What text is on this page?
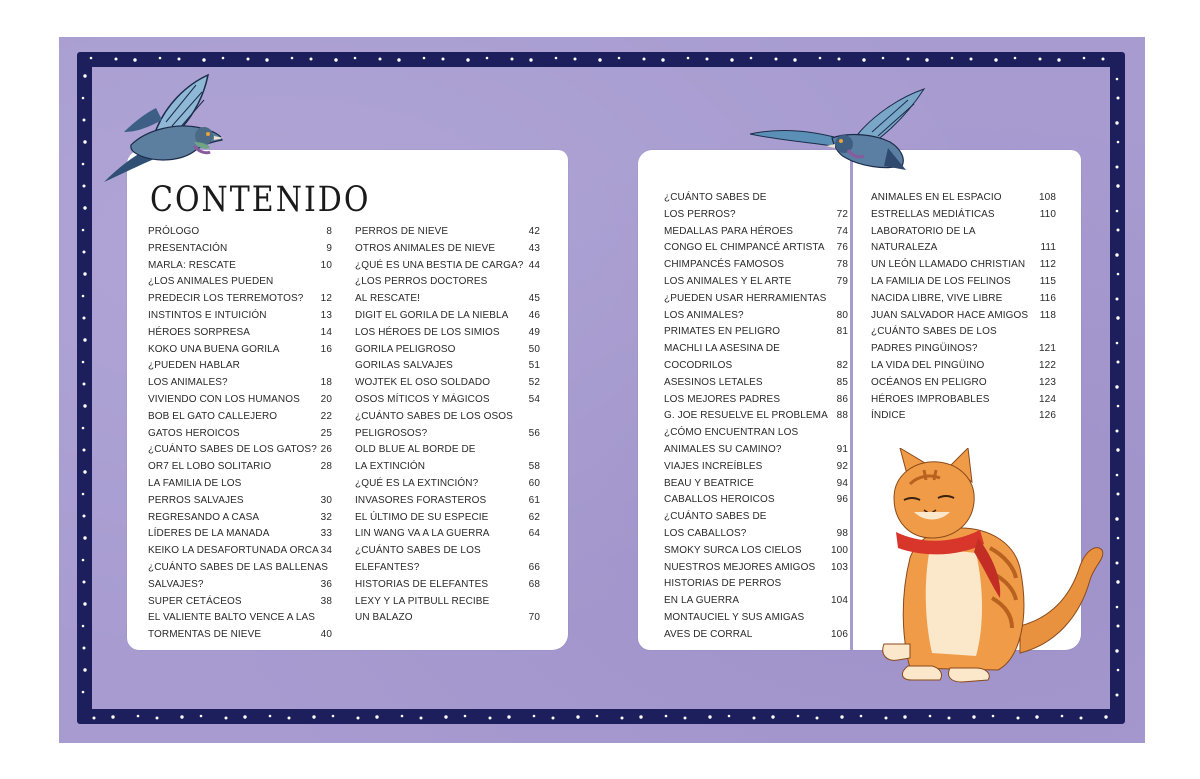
CONTENIDO
PRÓLOGO	8
PRESENTACIÓN	9
MARLA: RESCATE	10
¿LOS ANIMALES PUEDEN
PREDECIR LOS TERREMOTOS? 12
INSTINTOS E INTUICIÓN	13
HÉROES SORPRESA	14
KOKO UNA BUENA GORILA	16
¿PUEDEN HABLAR
LOS ANIMALES?	18
VIVIENDO CON LOS HUMANOS 20
BOB EL GATO CALLEJERO	22
GATOS HEROICOS	25
¿CUÁNTO SABES DE LOS GATOS? 26
OR7 EL LOBO SOLITARIO	28
LA FAMILIA DE LOS
PERROS SALVAJES	30
REGRESANDO A CASA	32
LÍDERES DE LA MANADA	33
KEIKO LA DESAFORTUNADA ORCA 34
¿CUÁNTO SABES DE LAS BALLENAS
SALVAJES?	36
SUPER CETÁCEOS	38
EL VALIENTE BALTO VENCE A LAS
TORMENTAS DE NIEVE	40
PERROS DE NIEVE	42
OTROS ANIMALES DE NIEVE	43
¿QUÉ ES UNA BESTIA DE CARGA? 44
¿LOS PERROS DOCTORES
AL RESCATE!	45
DIGIT EL GORILA DE LA NIEBLA 46
LOS HÉROES DE LOS SIMIOS	49
GORILA PELIGROSO	50
GORILAS SALVAJES	51
WOJTEK EL OSO SOLDADO	52
OSOS MÍTICOS Y MÁGICOS	54
¿CUÁNTO SABES DE LOS OSOS
PELIGROSOS?	56
OLD BLUE AL BORDE DE
LA EXTINCIÓN	58
¿QUÉ ES LA EXTINCIÓN?	60
INVASORES FORASTEROS	61
EL ÚLTIMO DE SU ESPECIE	62
LIN WANG VA A LA GUERRA	64
¿CUÁNTO SABES DE LOS
ELEFANTES?	66
HISTORIAS DE ELEFANTES	68
LEXY Y LA PITBULL RECIBE
UN BALAZO	70
¿CUÁNTO SABES DE
LOS PERROS?	72
MEDALLAS PARA HÉROES	74
CONGO EL CHIMPANCÉ ARTISTA 76
CHIMPANCÉS FAMOSOS	78
LOS ANIMALES Y EL ARTE	79
¿PUEDEN USAR HERRAMIENTAS
LOS ANIMALES?	80
PRIMATES EN PELIGRO	81
MACHLI LA ASESINA DE
COCODRILOS	82
ASESINOS LETALES	85
LOS MEJORES PADRES	86
G. JOE RESUELVE EL PROBLEMA 88
¿CÓMO ENCUENTRAN LOS
ANIMALES SU CAMINO?	91
VIAJES INCREÍBLES	92
BEAU Y BEATRICE	94
CABALLOS HEROICOS	96
¿CUÁNTO SABES DE
LOS CABALLOS?	98
SMOKY SURCA LOS CIELOS	100
NUESTROS MEJORES AMIGOS 103
HISTORIAS DE PERROS
EN LA GUERRA	104
MONTAUCIEL Y SUS AMIGAS
AVES DE CORRAL	106
ANIMALES EN EL ESPACIO	108
ESTRELLAS MEDIÁTICAS	110
LABORATORIO DE LA
NATURALEZA	111
UN LEÓN LLAMADO CHRISTIAN 112
LA FAMILIA DE LOS FELINOS	115
NACIDA LIBRE, VIVE LIBRE	116
JUAN SALVADOR HACE AMIGOS 118
¿CUÁNTO SABES DE LOS
PADRES PINGÜINOS?	121
LA VIDA DEL PINGÜINO	122
OCÉANOS EN PELIGRO	123
HÉROES IMPROBABLES	124
ÍNDICE	126
